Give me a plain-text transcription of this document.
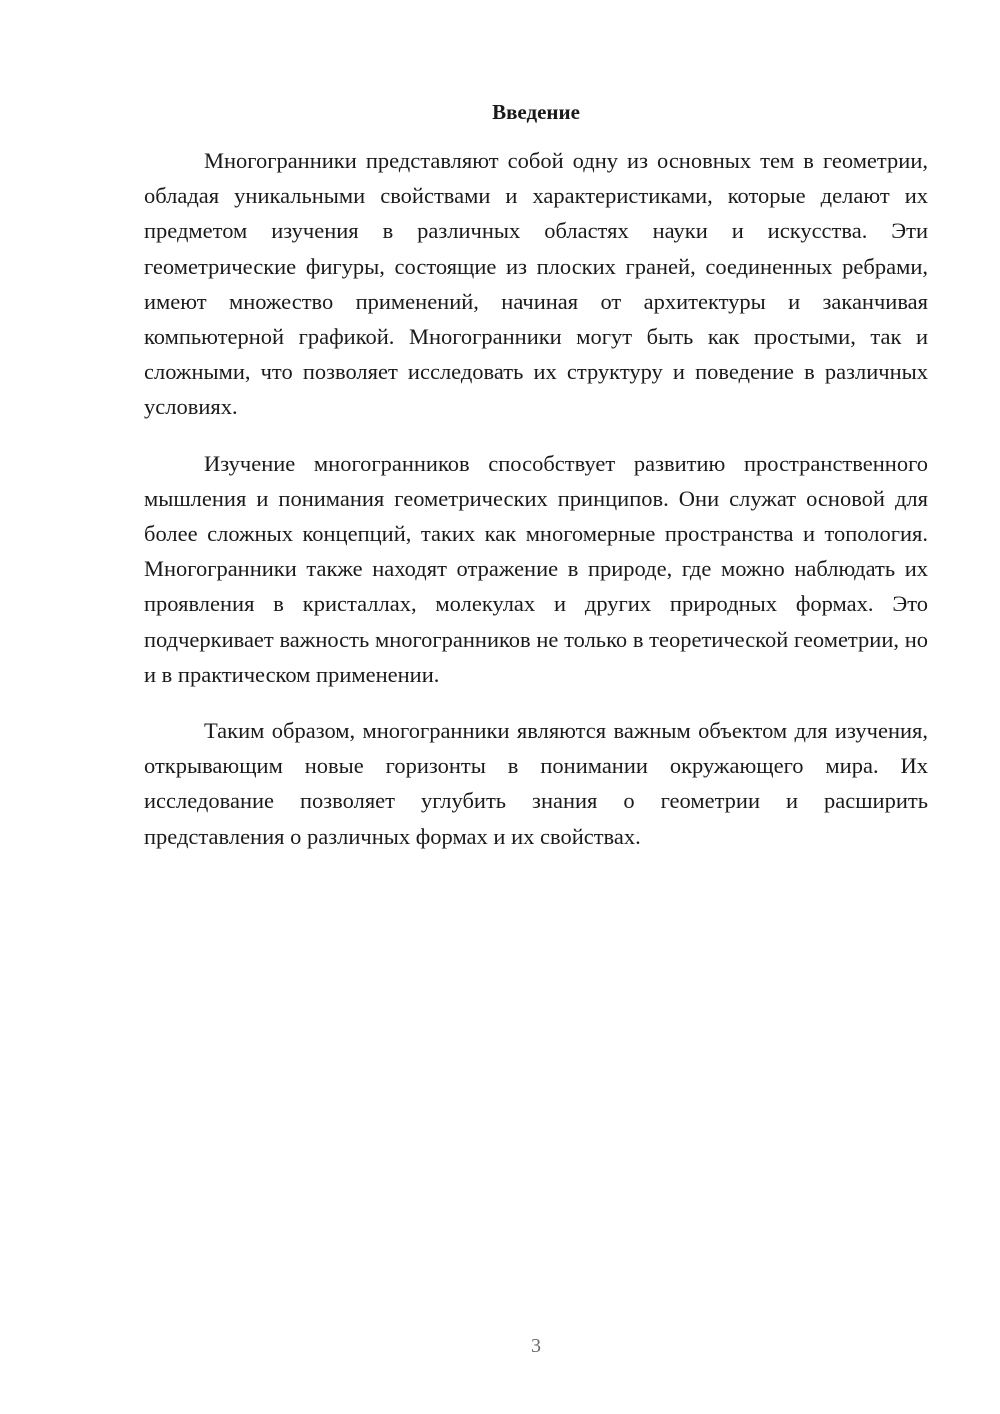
Введение

Многогранники представляют собой одну из основных тем в геометрии, обладая уникальными свойствами и характеристиками, которые делают их предметом изучения в различных областях науки и искусства. Эти геометрические фигуры, состоящие из плоских граней, соединенных ребрами, имеют множество применений, начиная от архитектуры и заканчивая компьютерной графикой. Многогранники могут быть как простыми, так и сложными, что позволяет исследовать их структуру и поведение в различных условиях.

Изучение многогранников способствует развитию пространственного мышления и понимания геометрических принципов. Они служат основой для более сложных концепций, таких как многомерные пространства и топология. Многогранники также находят отражение в природе, где можно наблюдать их проявления в кристаллах, молекулах и других природных формах. Это подчеркивает важность многогранников не только в теоретической геометрии, но и в практическом применении.

Таким образом, многогранники являются важным объектом для изучения, открывающим новые горизонты в понимании окружающего мира. Их исследование позволяет углубить знания о геометрии и расширить представления о различных формах и их свойствах.

3
